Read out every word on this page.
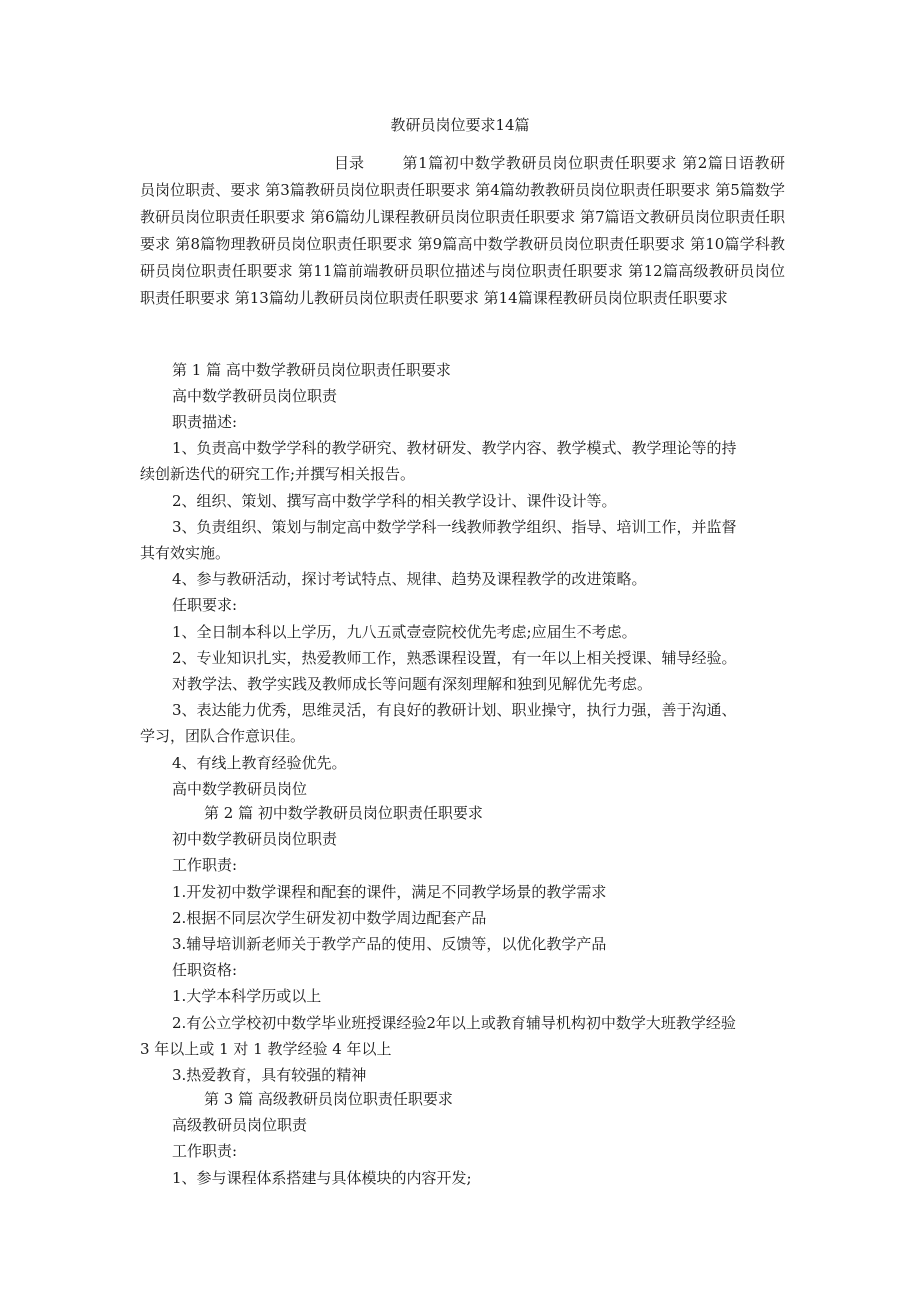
教研员岗位要求14篇
目录	第1篇初中数学教研员岗位职责任职要求 第2篇日语教研员岗位职责、要求 第3篇教研员岗位职责任职要求 第4篇幼教教研员岗位职责任职要求 第5篇数学教研员岗位职责任职要求 第6篇幼儿课程教研员岗位职责任职要求 第7篇语文教研员岗位职责任职要求 第8篇物理教研员岗位职责任职要求 第9篇高中数学教研员岗位职责任职要求 第10篇学科教研员岗位职责任职要求 第11篇前端教研员职位描述与岗位职责任职要求 第12篇高级教研员岗位职责任职要求 第13篇幼儿教研员岗位职责任职要求 第14篇课程教研员岗位职责任职要求
第 1 篇 高中数学教研员岗位职责任职要求
高中数学教研员岗位职责
职责描述:
1、负责高中数学学科的教学研究、教材研发、教学内容、教学模式、教学理论等的持
续创新迭代的研究工作;并撰写相关报告。
2、组织、策划、撰写高中数学学科的相关教学设计、课件设计等。
3、负责组织、策划与制定高中数学学科一线教师教学组织、指导、培训工作，并监督
其有效实施。
4、参与教研活动，探讨考试特点、规律、趋势及课程教学的改进策略。
任职要求:
1、全日制本科以上学历，九八五贰壹壹院校优先考虑;应届生不考虑。
2、专业知识扎实，热爱教师工作，熟悉课程设置，有一年以上相关授课、辅导经验。
对教学法、教学实践及教师成长等问题有深刻理解和独到见解优先考虑。
3、表达能力优秀，思维灵活，有良好的教研计划、职业操守，执行力强，善于沟通、
学习，团队合作意识佳。
4、有线上教育经验优先。
高中数学教研员岗位
第 2 篇 初中数学教研员岗位职责任职要求
初中数学教研员岗位职责
工作职责:
1.开发初中数学课程和配套的课件，满足不同教学场景的教学需求
2.根据不同层次学生研发初中数学周边配套产品
3.辅导培训新老师关于教学产品的使用、反馈等，以优化教学产品
任职资格:
1.大学本科学历或以上
2.有公立学校初中数学毕业班授课经验2年以上或教育辅导机构初中数学大班教学经验
3 年以上或 1 对 1 教学经验 4 年以上
3.热爱教育，具有较强的精神
第 3 篇 高级教研员岗位职责任职要求
高级教研员岗位职责
工作职责:
1、参与课程体系搭建与具体模块的内容开发;
